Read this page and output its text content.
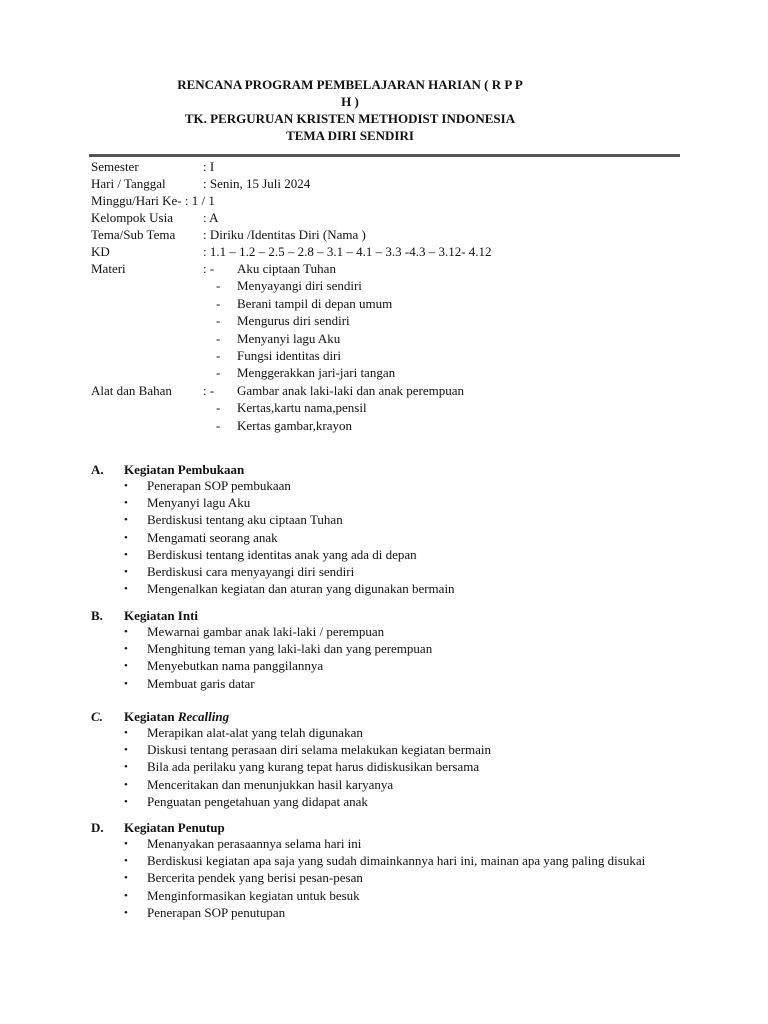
RENCANA PROGRAM PEMBELAJARAN HARIAN ( R P P
H )
TK. PERGURUAN KRISTEN METHODIST INDONESIA
TEMA DIRI SENDIRI
Semester	: I
Hari / Tanggal	: Senin, 15 Juli 2024
Minggu/Hari Ke- : 1 / 1
Kelompok Usia : A
Tema/Sub Tema : Diriku /Identitas Diri (Nama )
KD	: 1.1 – 1.2 – 2.5 – 2.8 – 3.1 – 4.1 – 3.3 -4.3 – 3.12- 4.12
Materi	: - Aku ciptaan Tuhan
- Menyayangi diri sendiri
- Berani tampil di depan umum
- Mengurus diri sendiri
- Menyanyi lagu Aku
- Fungsi identitas diri
- Menggerakkan jari-jari tangan
Alat dan Bahan : - Gambar anak laki-laki dan anak perempuan
- Kertas,kartu nama,pensil
- Kertas gambar,krayon
A. Kegiatan Pembukaan
• Penerapan SOP pembukaan
• Menyanyi lagu Aku
• Berdiskusi tentang aku ciptaan Tuhan
• Mengamati seorang anak
• Berdiskusi tentang identitas anak yang ada di depan
• Berdiskusi cara menyayangi diri sendiri
• Mengenalkan kegiatan dan aturan yang digunakan bermain
B. Kegiatan Inti
• Mewarnai gambar anak laki-laki / perempuan
• Menghitung teman yang laki-laki dan yang perempuan
• Menyebutkan nama panggilannya
• Membuat garis datar
C. Kegiatan Recalling
• Merapikan alat-alat yang telah digunakan
• Diskusi tentang perasaan diri selama melakukan kegiatan bermain
• Bila ada perilaku yang kurang tepat harus didiskusikan bersama
• Menceritakan dan menunjukkan hasil karyanya
• Penguatan pengetahuan yang didapat anak
D. Kegiatan Penutup
• Menanyakan perasaannya selama hari ini
• Berdiskusi kegiatan apa saja yang sudah dimainkannya hari ini, mainan apa yang paling disukai
• Bercerita pendek yang berisi pesan-pesan
• Menginformasikan kegiatan untuk besuk
• Penerapan SOP penutupan
